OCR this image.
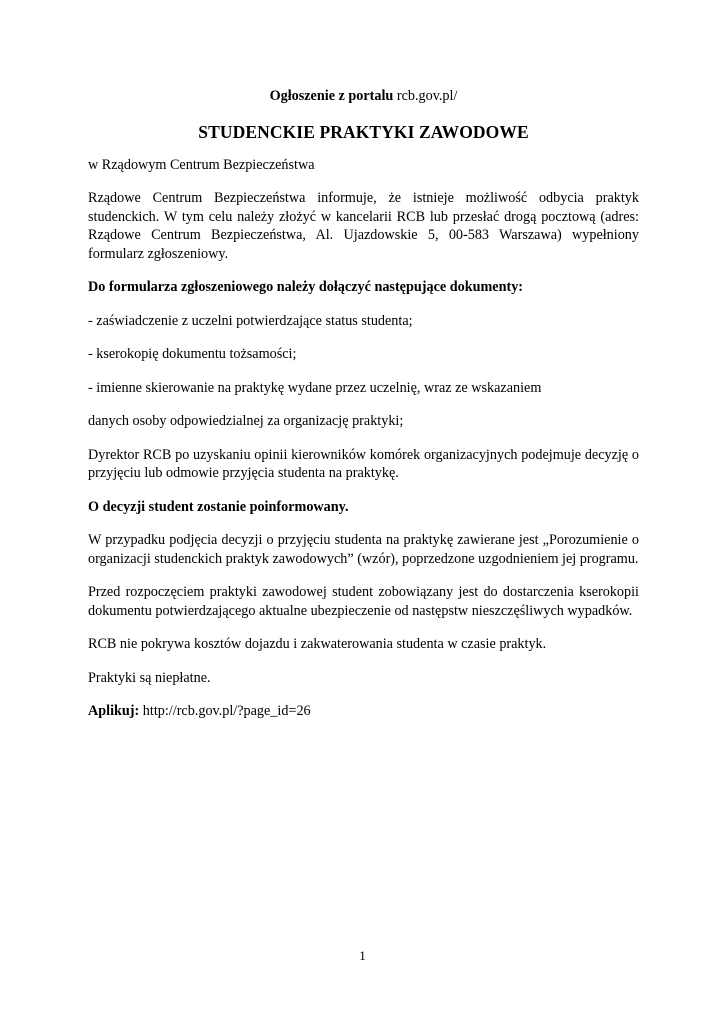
Ogłoszenie z portalu rcb.gov.pl/
STUDENCKIE PRAKTYKI ZAWODOWE

w Rządowym Centrum Bezpieczeństwa

Rządowe Centrum Bezpieczeństwa informuje, że istnieje możliwość odbycia praktyk studenckich. W tym celu należy złożyć w kancelarii RCB lub przesłać drogą pocztową (adres: Rządowe Centrum Bezpieczeństwa, Al. Ujazdowskie 5, 00-583 Warszawa) wypełniony formularz zgłoszeniowy.

Do formularza zgłoszeniowego należy dołączyć następujące dokumenty:

- zaświadczenie z uczelni potwierdzające status studenta;

- kserokopię dokumentu tożsamości;

- imienne skierowanie na praktykę wydane przez uczelnię, wraz ze wskazaniem

danych osoby odpowiedzialnej za organizację praktyki;

Dyrektor RCB po uzyskaniu opinii kierowników komórek organizacyjnych podejmuje decyzję o przyjęciu lub odmowie przyjęcia studenta na praktykę.

O decyzji student zostanie poinformowany.

W przypadku podjęcia decyzji o przyjęciu studenta na praktykę zawierane jest „Porozumienie o organizacji studenckich praktyk zawodowych” (wzór), poprzedzone uzgodnieniem jej programu.

Przed rozpoczęciem praktyki zawodowej student zobowiązany jest do dostarczenia kserokopii dokumentu potwierdzającego aktualne ubezpieczenie od następstw nieszczęśliwych wypadków.

RCB nie pokrywa kosztów dojazdu i zakwaterowania studenta w czasie praktyk.

Praktyki są niepłatne.

Aplikuj: http://rcb.gov.pl/?page_id=26

1
